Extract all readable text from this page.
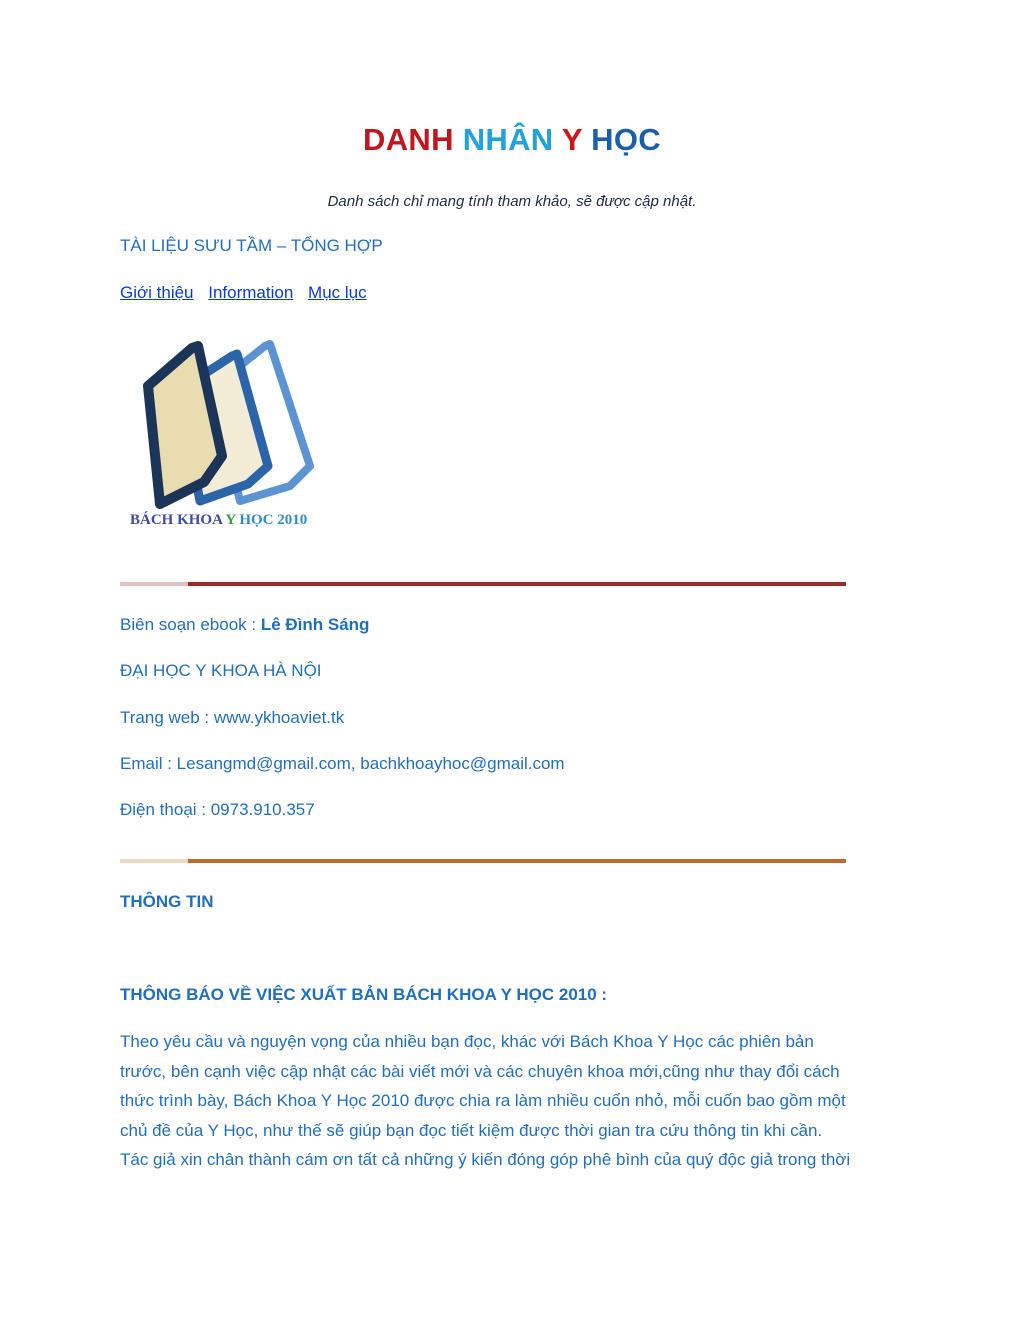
DANH NHÂN Y HỌC
Danh sách chỉ mang tính tham khảo, sẽ được cập nhật.
TÀI LIỆU SƯU TẦM – TỔNG HỢP
Giới thiệu Information Mục lục
BÁCH KHOA Y HỌC 2010
Biên soạn ebook : Lê Đình Sáng
ĐẠI HỌC Y KHOA HÀ NỘI
Trang web : www.ykhoaviet.tk
Email : Lesangmd@gmail.com, bachkhoayhoc@gmail.com
Điện thoại : 0973.910.357
THÔNG TIN
THÔNG BÁO VỀ VIỆC XUẤT BẢN BÁCH KHOA Y HỌC 2010 :
Theo yêu cầu và nguyện vọng của nhiều bạn đọc, khác với Bách Khoa Y Học các phiên bản
trước, bên cạnh việc cập nhật các bài viết mới và các chuyên khoa mới,cũng như thay đổi cách
thức trình bày, Bách Khoa Y Học 2010 được chia ra làm nhiều cuốn nhỏ, mỗi cuốn bao gồm một
chủ đề của Y Học, như thế sẽ giúp bạn đọc tiết kiệm được thời gian tra cứu thông tin khi cần.
Tác giả xin chân thành cám ơn tất cả những ý kiến đóng góp phê bình của quý độc giả trong thời
